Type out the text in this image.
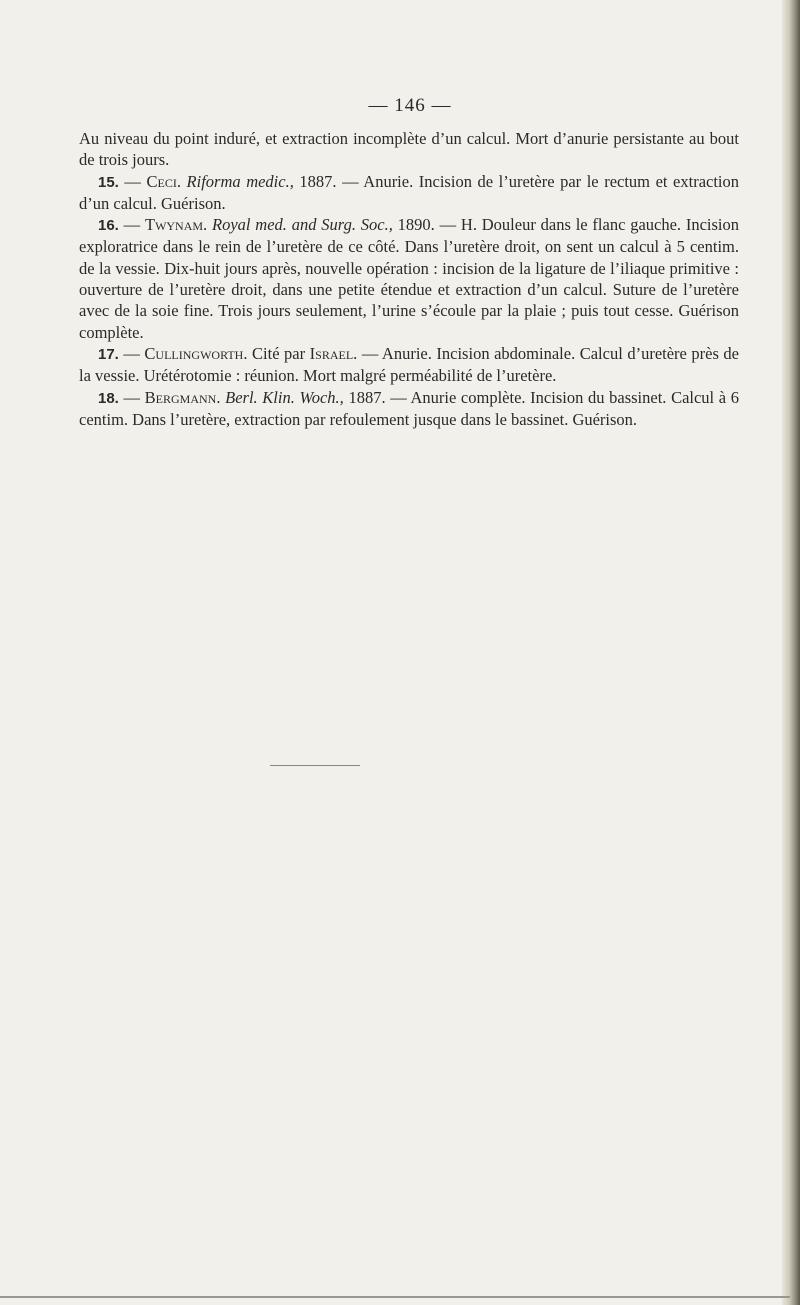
— 146 —

Au niveau du point induré, et extraction incomplète d’un calcul. Mort d’anurie persistante au bout de trois jours.

15. — Ceci. Riforma medic., 1887. — Anurie. Incision de l’uretère par le rectum et extraction d’un calcul. Guérison.

16. — Twynam. Royal med. and Surg. Soc., 1890. — H. Douleur dans le flanc gauche. Incision exploratrice dans le rein de l’uretère de ce côté. Dans l’uretère droit, on sent un calcul à 5 centim. de la vessie. Dix-huit jours après, nouvelle opération : incision de la ligature de l’iliaque primitive : ouverture de l’uretère droit, dans une petite étendue et extraction d’un calcul. Suture de l’uretère avec de la soie fine. Trois jours seulement, l’urine s’écoule par la plaie ; puis tout cesse. Guérison complète.

17. — Cullingworth. Cité par Israel. — Anurie. Incision abdominale. Calcul d’uretère près de la vessie. Urétérotomie : réunion. Mort malgré perméabilité de l’uretère.

18. — Bergmann. Berl. Klin. Woch., 1887. — Anurie complète. Incision du bassinet. Calcul à 6 centim. Dans l’uretère, extraction par refoulement jusque dans le bassinet. Guérison.
